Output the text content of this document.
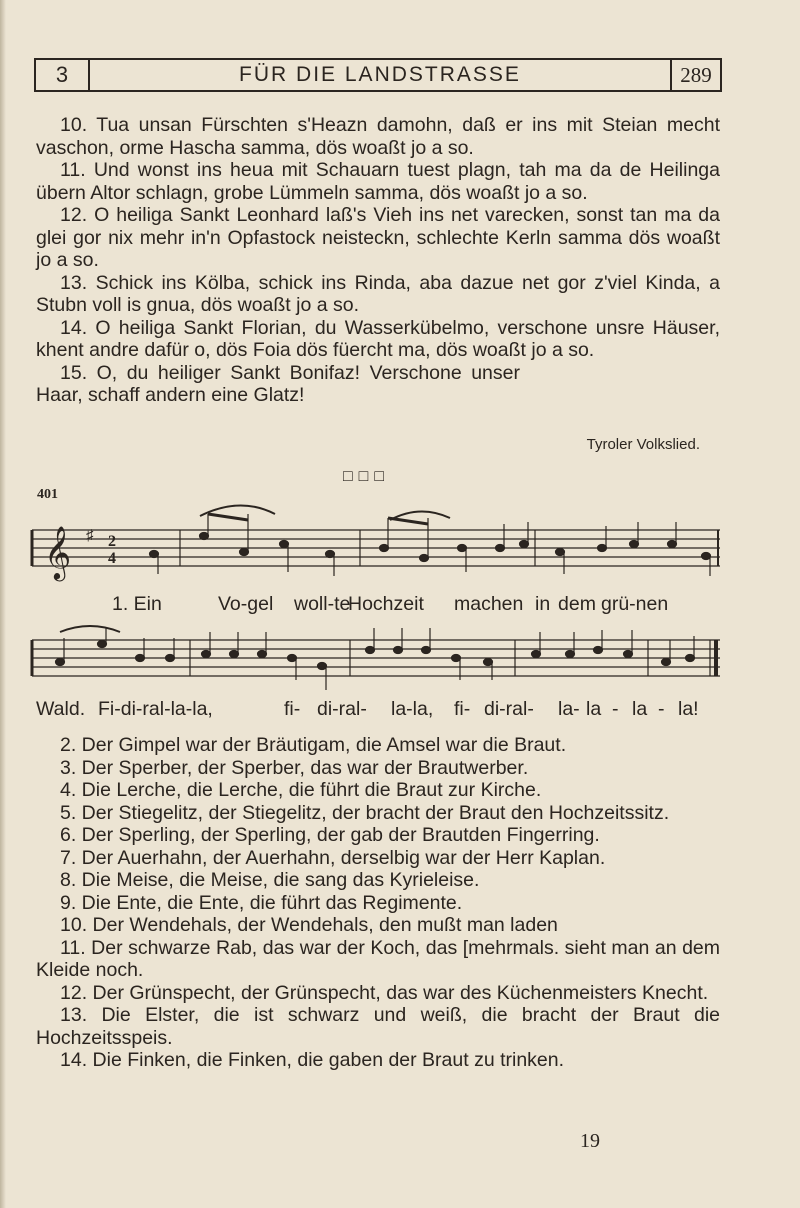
3	FÜR DIE LANDSTRASSE	289

10. Tua unsan Fürschten s'Heazn damohn, daß er ins mit Steian mecht vaschon, orme Hascha samma, dös woaßt jo a so.

11. Und wonst ins heua mit Schauarn tuest plagn, tah ma da de Heilinga übern Altor schlagn, grobe Lümmeln samma, dös woaßt jo a so.

12. O heiliga Sankt Leonhard laß's Vieh ins net varecken, sonst tan ma da glei gor nix mehr in'n Opfastock neisteckn, schlechte Kerln samma dös woaßt jo a so.

13. Schick ins Kölba, schick ins Rinda, aba dazue net gor z'viel Kinda, a Stubn voll is gnua, dös woaßt jo a so.

14. O heiliga Sankt Florian, du Wasserkübelmo, verschone unsre Häuser, khent andre dafür o, dös Foia dös füercht ma, dös woaßt jo a so.

15. O, du heiliger Sankt Bonifaz! Verschone unser Haar, schaff andern eine Glatz!

Tyroler Volkslied.
□□□
401
𝄞 ♯ 2
4
1. Ein	Vo-gel woll-te
Hochzeit machen in dem grü-nen
Wald. Fi-di-ral-la-la,	fi- di-ral- la-la, fi- di-ral- la- la - la - la!

2. Der Gimpel war der Bräutigam, die Amsel war die Braut.

3. Der Sperber, der Sperber, das war der Brautwerber.

4. Die Lerche, die Lerche, die führt die Braut zur Kirche.

5. Der Stiegelitz, der Stiegelitz, der bracht der Braut den Hochzeitssitz.

6. Der Sperling, der Sperling, der gab der Brautden Fingerring.

7. Der Auerhahn, der Auerhahn, derselbig war der Herr Kaplan.

8. Die Meise, die Meise, die sang das Kyrieleise.

9. Die Ente, die Ente, die führt das Regimente.

10. Der Wendehals, der Wendehals, den mußt man laden

11. Der schwarze Rab, das war der Koch, das [mehrmals. sieht man an dem Kleide noch.

12. Der Grünspecht, der Grünspecht, das war des Küchenmeisters Knecht.

13. Die Elster, die ist schwarz und weiß, die bracht der Braut die Hochzeitsspeis.

14. Die Finken, die Finken, die gaben der Braut zu trinken.

19
